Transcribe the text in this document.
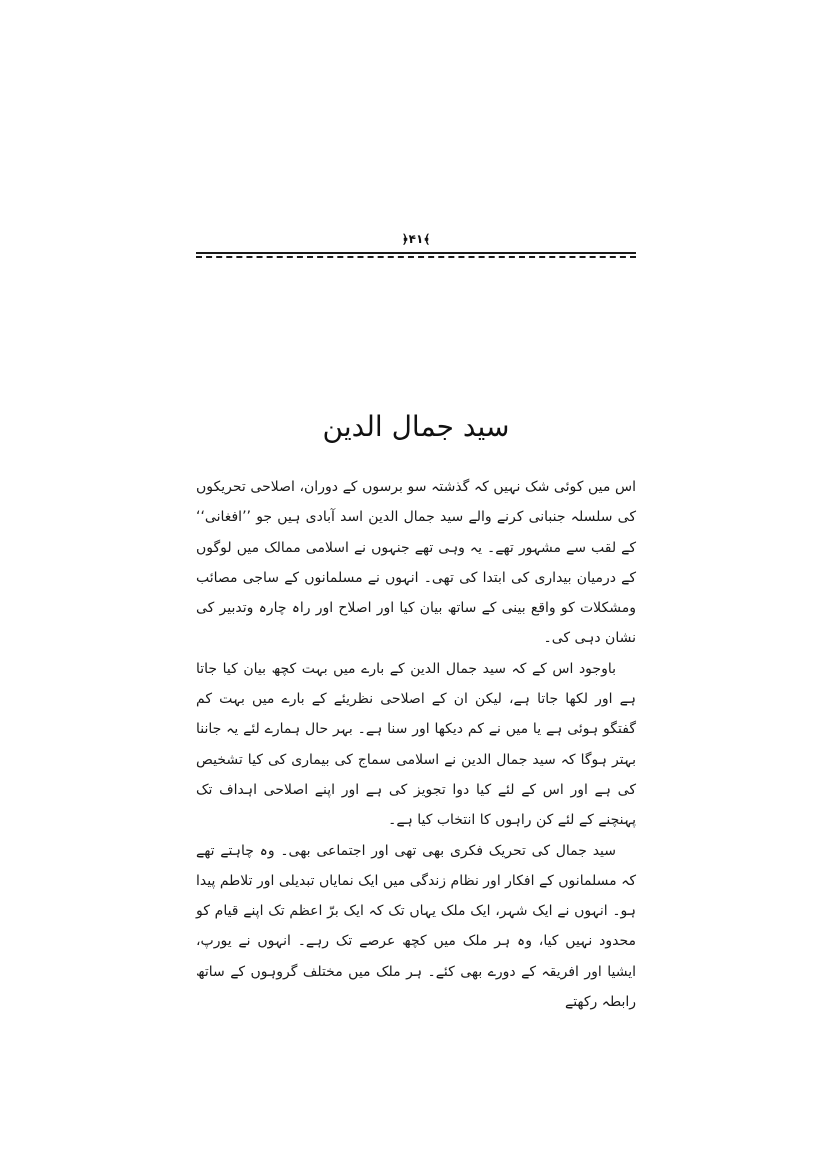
﴿۴۱﴾
سید جمال الدین

اس میں کوئی شک نہیں کہ گذشتہ سو برسوں کے دوران، اصلاحی تحریکوں کی سلسلہ جنبانی کرنے والے سید جمال الدین اسد آبادی ہیں جو ’’افغانی‘‘ کے لقب سے مشہور تھے۔ یہ وہی تھے جنہوں نے اسلامی ممالک میں لوگوں کے درمیان بیداری کی ابتدا کی تھی۔ انہوں نے مسلمانوں کے ساجی مصائب ومشکلات کو واقع بینی کے ساتھ بیان کیا اور اصلاح اور راہ چارہ وتدبیر کی نشان دہی کی۔

باوجود اس کے کہ سید جمال الدین کے بارے میں بہت کچھ بیان کیا جاتا ہے اور لکھا جاتا ہے، لیکن ان کے اصلاحی نظریئے کے بارے میں بہت کم گفتگو ہوئی ہے یا میں نے کم دیکھا اور سنا ہے۔ بہر حال ہمارے لئے یہ جاننا بہتر ہوگا کہ سید جمال الدین نے اسلامی سماج کی بیماری کی کیا تشخیص کی ہے اور اس کے لئے کیا دوا تجویز کی ہے اور اپنے اصلاحی اہداف تک پہنچنے کے لئے کن راہوں کا انتخاب کیا ہے۔

سید جمال کی تحریک فکری بھی تھی اور اجتماعی بھی۔ وہ چاہتے تھے کہ مسلمانوں کے افکار اور نظام زندگی میں ایک نمایاں تبدیلی اور تلاطم پیدا ہو۔ انہوں نے ایک شہر، ایک ملک یہاں تک کہ ایک برّ اعظم تک اپنے قیام کو محدود نہیں کیا، وہ ہر ملک میں کچھ عرصے تک رہے۔ انہوں نے یورپ، ایشیا اور افریقہ کے دورے بھی کئے۔ ہر ملک میں مختلف گروہوں کے ساتھ رابطہ رکھتے
